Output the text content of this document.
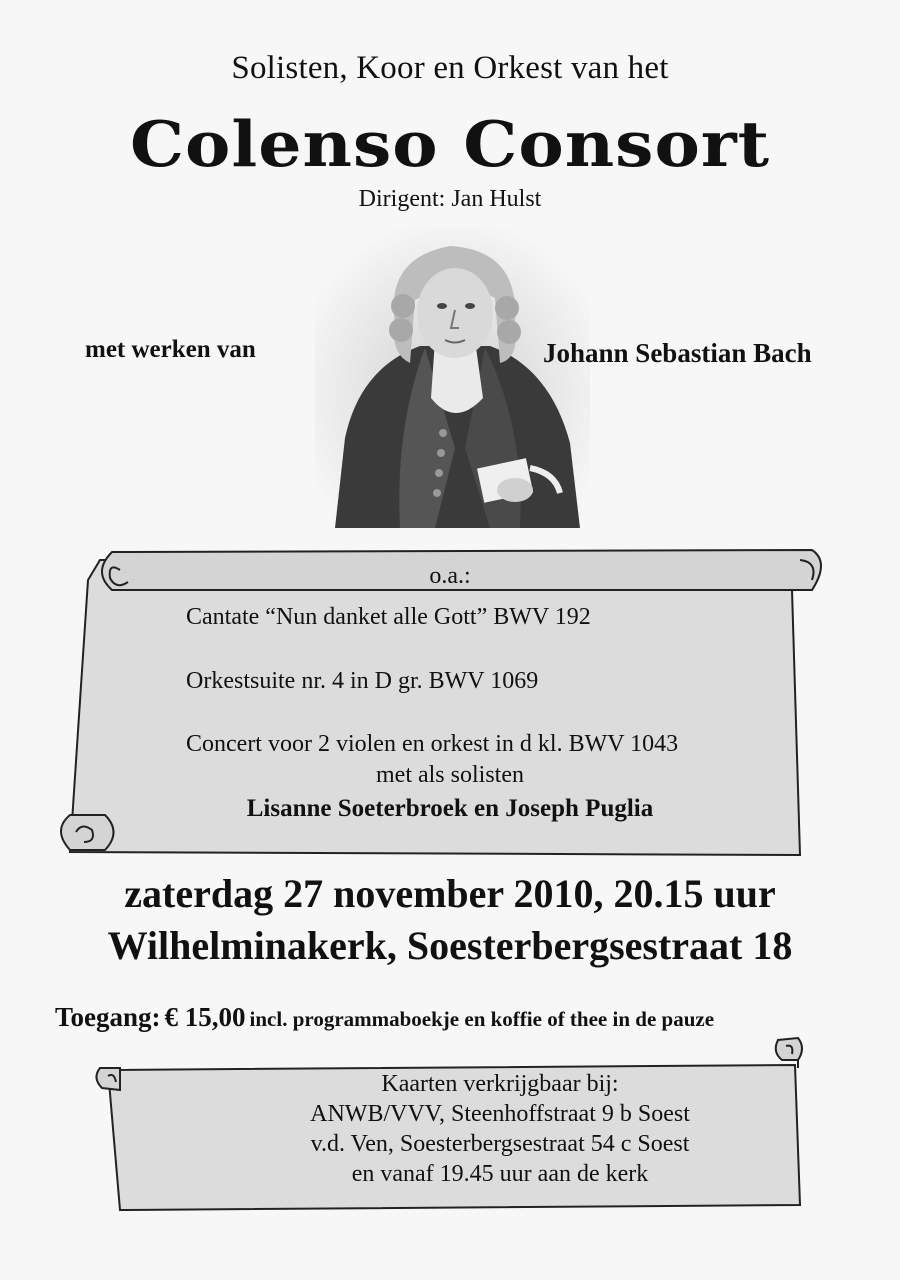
Solisten, Koor en Orkest van het
Colenso Consort
Dirigent: Jan Hulst
met werken van	Johann Sebastian Bach
o.a.:
Cantate “Nun danket alle Gott” BWV 192
Orkestsuite nr. 4 in D gr. BWV 1069
Concert voor 2 violen en orkest in d kl. BWV 1043
met als solisten
Lisanne Soeterbroek en Joseph Puglia
zaterdag 27 november 2010, 20.15 uur
Wilhelminakerk, Soesterbergsestraat 18
Toegang: € 15,00 incl. programmaboekje en koffie of thee in de pauze
Kaarten verkrijgbaar bij:
ANWB/VVV, Steenhoffstraat 9 b Soest
v.d. Ven, Soesterbergsestraat 54 c Soest
en vanaf 19.45 uur aan de kerk
